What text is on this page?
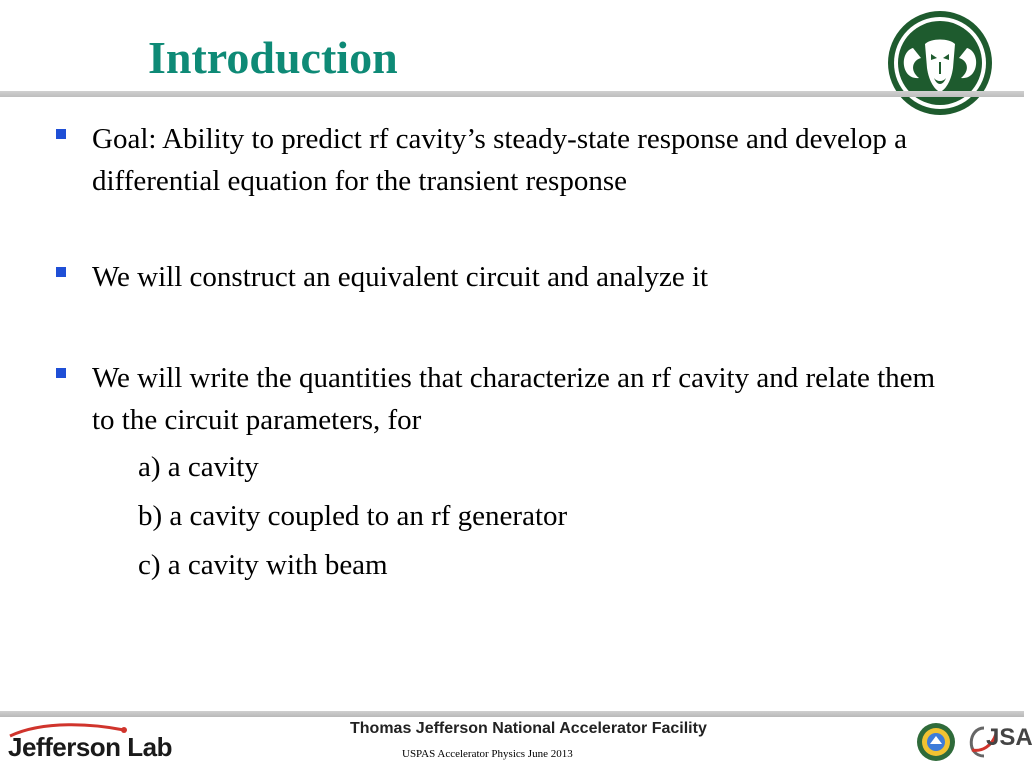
Introduction
Goal: Ability to predict rf cavity’s steady-state response and develop a differential equation for the transient response
We will construct an equivalent circuit and analyze it
We will write the quantities that characterize an rf cavity and relate them to the circuit parameters, for
a) a cavity
b) a cavity coupled to an rf generator
c) a cavity with beam
Jefferson Lab
Thomas Jefferson National Accelerator Facility
USPAS Accelerator Physics June 2013
JSA
